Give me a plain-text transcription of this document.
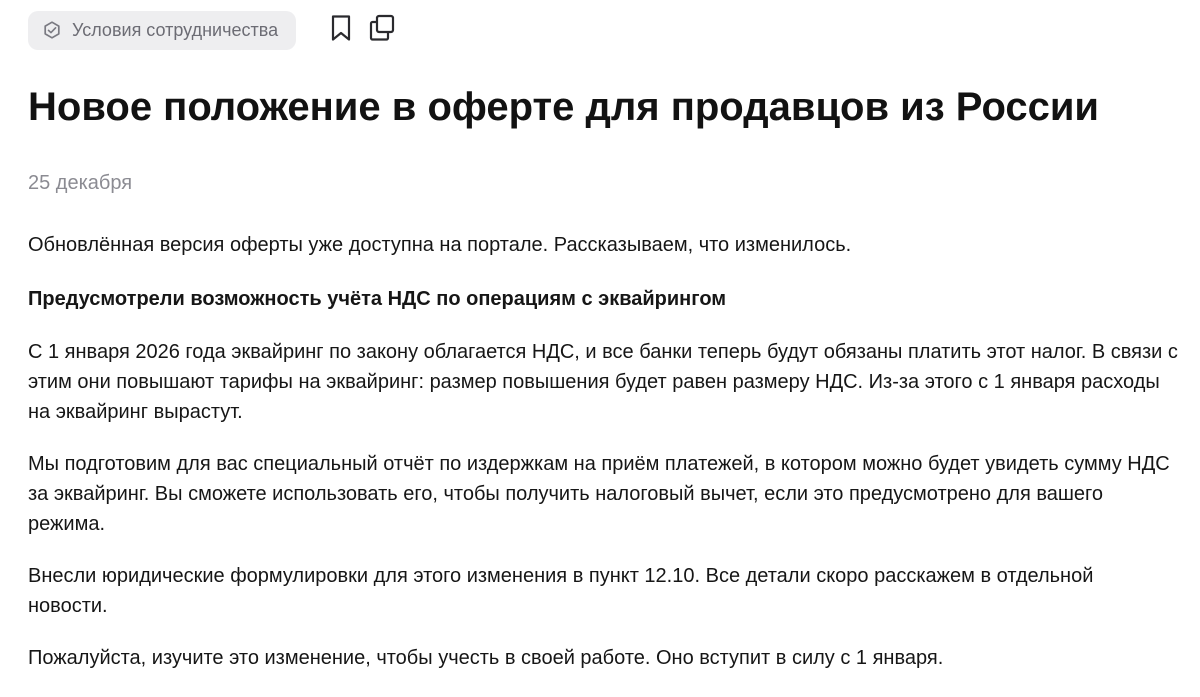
Условия сотрудничества
Новое положение в оферте для продавцов из России
25 декабря

Обновлённая версия оферты уже доступна на портале. Рассказываем, что изменилось.

Предусмотрели возможность учёта НДС по операциям с эквайрингом

С 1 января 2026 года эквайринг по закону облагается НДС, и все банки теперь будут обязаны платить этот налог. В связи с этим они повышают тарифы на эквайринг: размер повышения будет равен размеру НДС. Из-за этого с 1 января расходы на эквайринг вырастут.

Мы подготовим для вас специальный отчёт по издержкам на приём платежей, в котором можно будет увидеть сумму НДС за эквайринг. Вы сможете использовать его, чтобы получить налоговый вычет, если это предусмотрено для вашего режима.

Внесли юридические формулировки для этого изменения в пункт 12.10. Все детали скоро расскажем в отдельной новости.

Пожалуйста, изучите это изменение, чтобы учесть в своей работе. Оно вступит в силу с 1 января.
